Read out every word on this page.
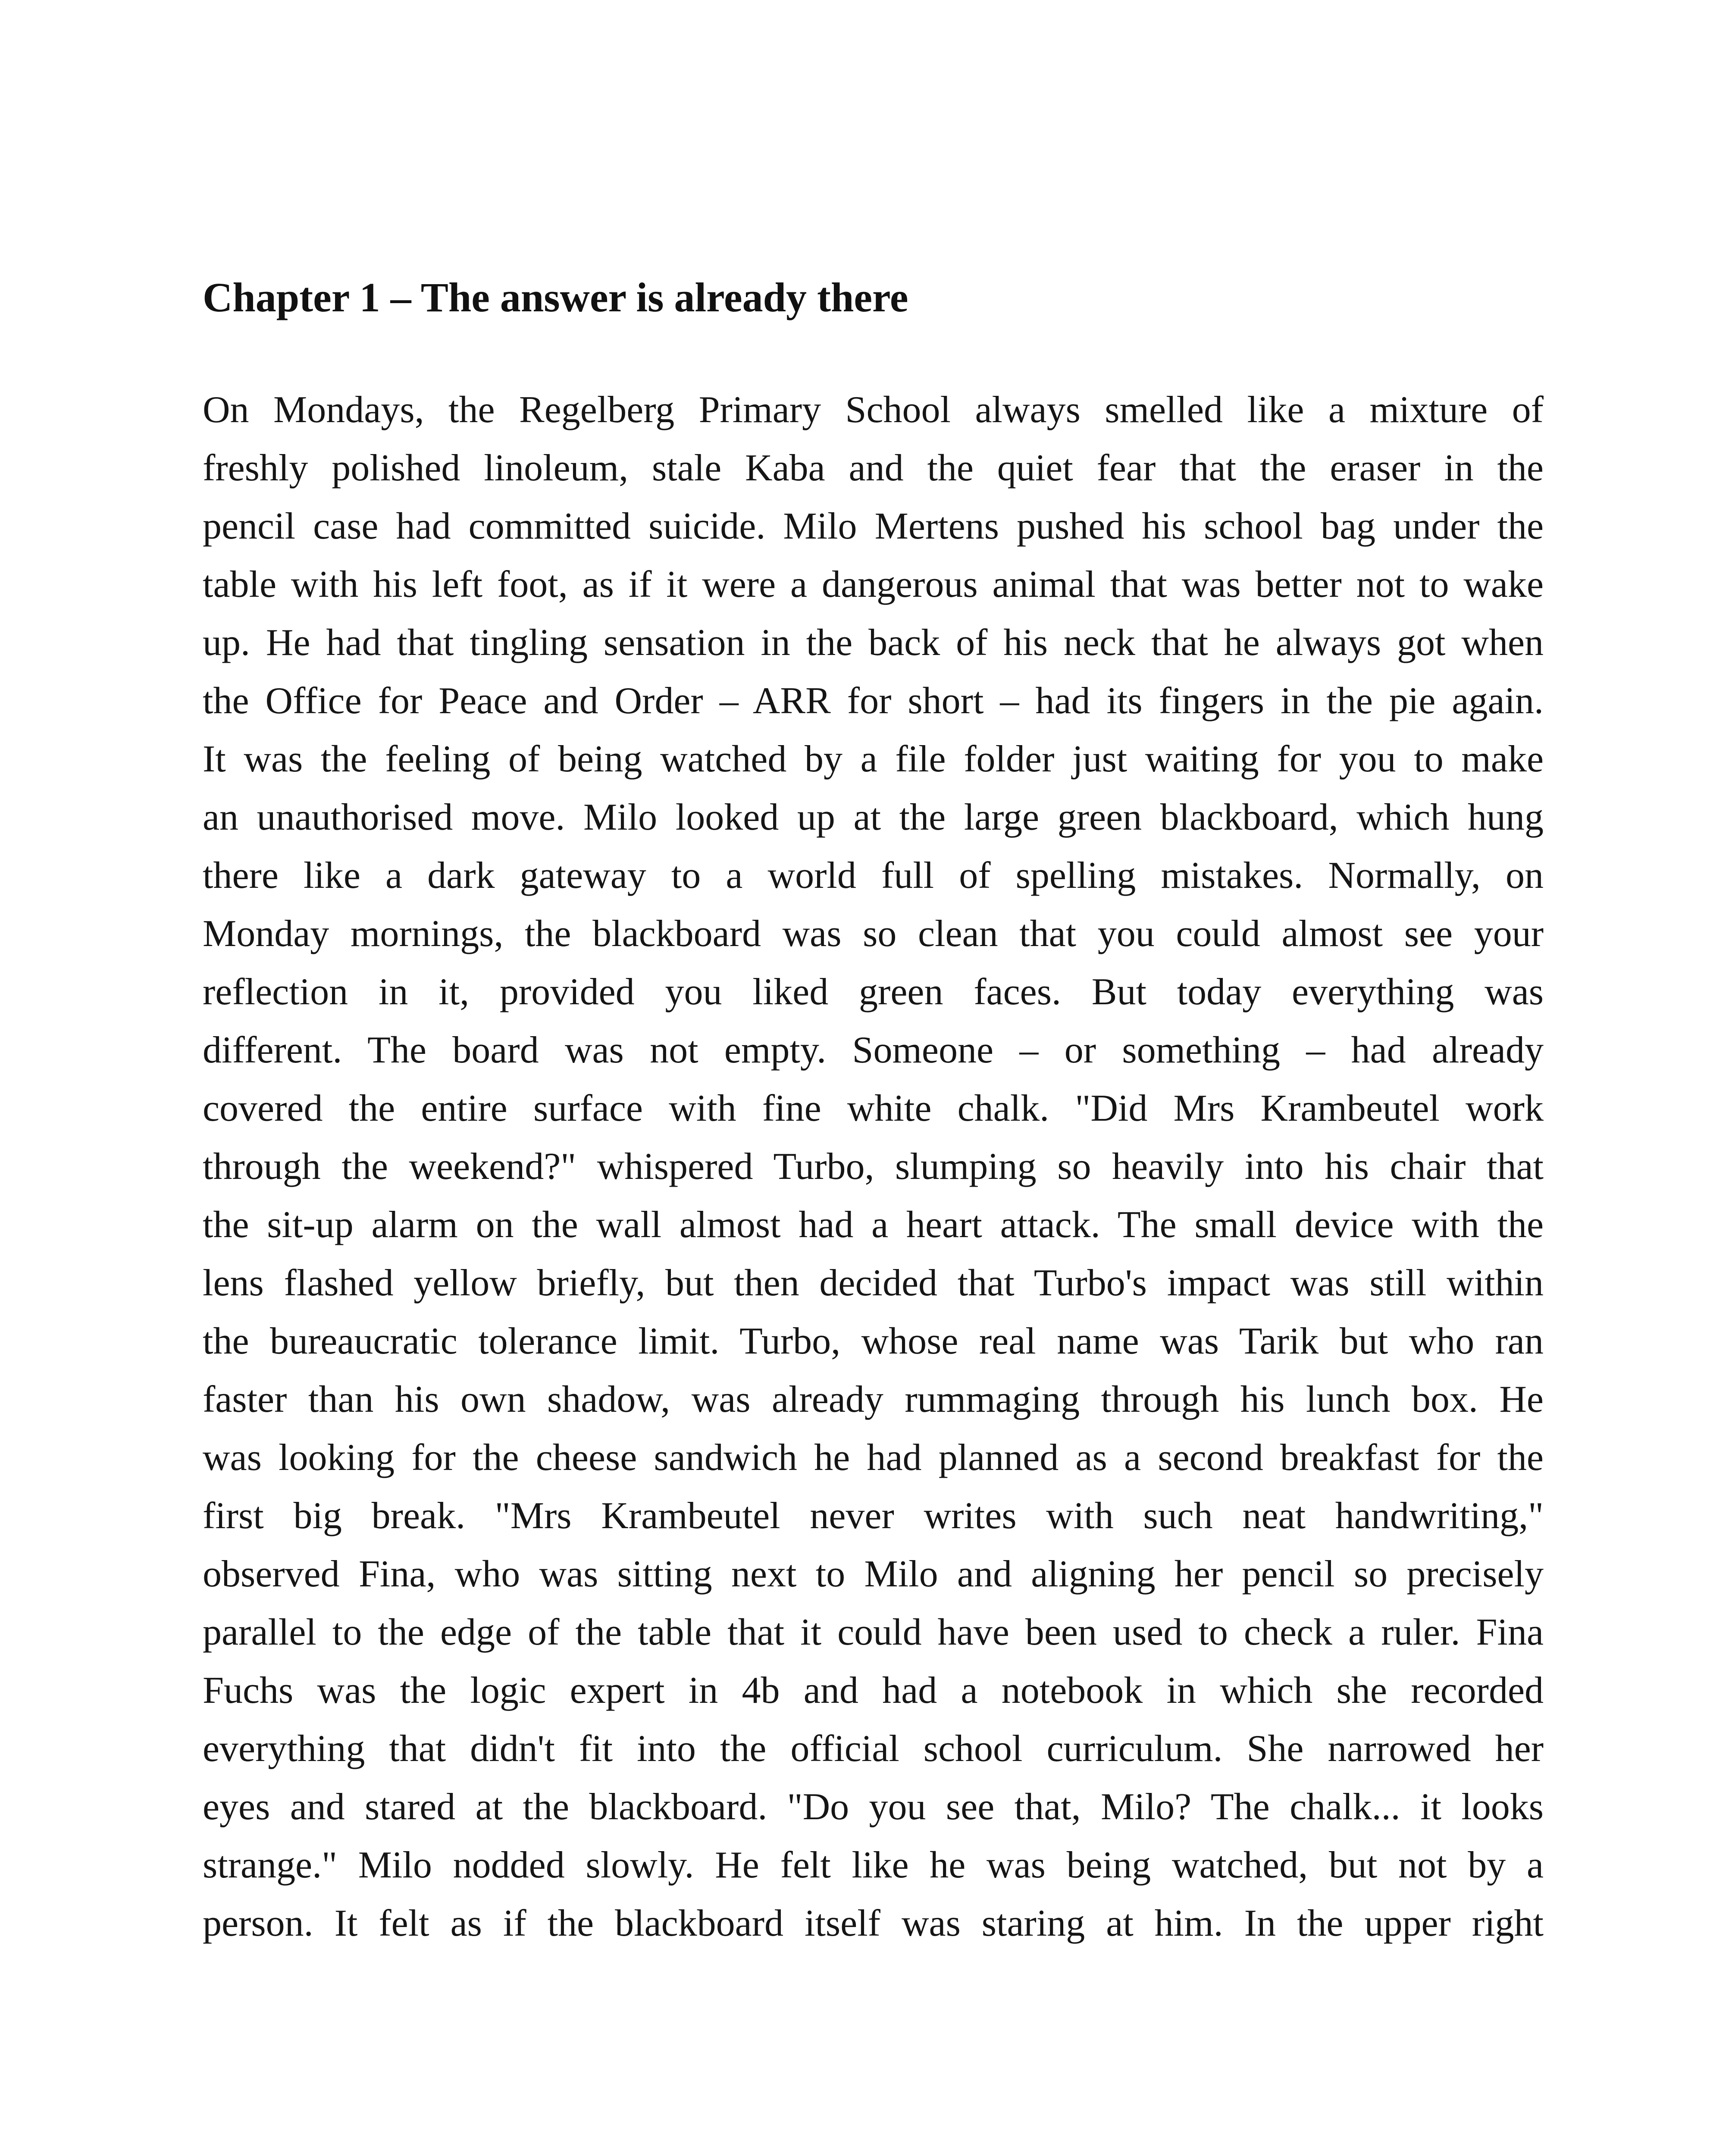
Chapter 1 – The answer is already there
On Mondays, the Regelberg Primary School always smelled like a mixture of
freshly polished linoleum, stale Kaba and the quiet fear that the eraser in the
pencil case had committed suicide. Milo Mertens pushed his school bag under the
table with his left foot, as if it were a dangerous animal that was better not to wake
up. He had that tingling sensation in the back of his neck that he always got when
the Office for Peace and Order – ARR for short – had its fingers in the pie again.
It was the feeling of being watched by a file folder just waiting for you to make
an unauthorised move. Milo looked up at the large green blackboard, which hung
there like a dark gateway to a world full of spelling mistakes. Normally, on
Monday mornings, the blackboard was so clean that you could almost see your
reflection in it, provided you liked green faces. But today everything was
different. The board was not empty. Someone – or something – had already
covered the entire surface with fine white chalk. "Did Mrs Krambeutel work
through the weekend?" whispered Turbo, slumping so heavily into his chair that
the sit-up alarm on the wall almost had a heart attack. The small device with the
lens flashed yellow briefly, but then decided that Turbo's impact was still within
the bureaucratic tolerance limit. Turbo, whose real name was Tarik but who ran
faster than his own shadow, was already rummaging through his lunch box. He
was looking for the cheese sandwich he had planned as a second breakfast for the
first big break. "Mrs Krambeutel never writes with such neat handwriting,"
observed Fina, who was sitting next to Milo and aligning her pencil so precisely
parallel to the edge of the table that it could have been used to check a ruler. Fina
Fuchs was the logic expert in 4b and had a notebook in which she recorded
everything that didn't fit into the official school curriculum. She narrowed her
eyes and stared at the blackboard. "Do you see that, Milo? The chalk... it looks
strange." Milo nodded slowly. He felt like he was being watched, but not by a
person. It felt as if the blackboard itself was staring at him. In the upper right
